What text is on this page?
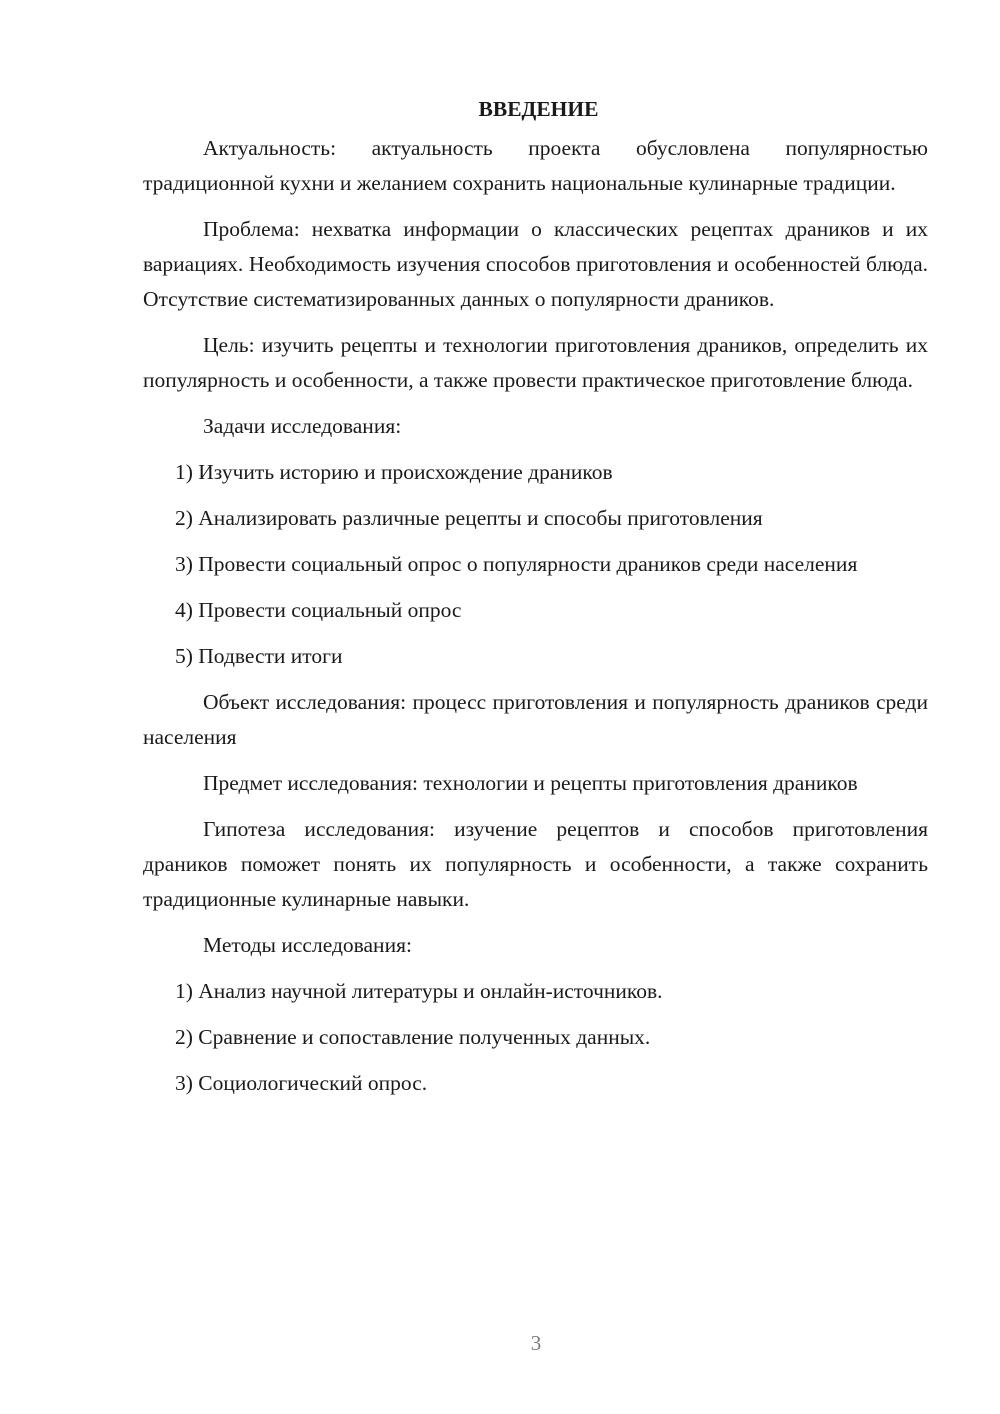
ВВЕДЕНИЕ

Актуальность: актуальность проекта обусловлена популярностью традиционной кухни и желанием сохранить национальные кулинарные традиции.

Проблема: нехватка информации о классических рецептах драников и их вариациях. Необходимость изучения способов приготовления и особенностей блюда. Отсутствие систематизированных данных о популярности драников.

Цель: изучить рецепты и технологии приготовления драников, определить их популярность и особенности, а также провести практическое приготовление блюда.

Задачи исследования:

1) Изучить историю и происхождение драников

2) Анализировать различные рецепты и способы приготовления

3) Провести социальный опрос о популярности драников среди населения

4) Провести социальный опрос

5) Подвести итоги

Объект исследования: процесс приготовления и популярность драников среди населения

Предмет исследования: технологии и рецепты приготовления драников

Гипотеза исследования: изучение рецептов и способов приготовления драников поможет понять их популярность и особенности, а также сохранить традиционные кулинарные навыки.

Методы исследования:

1) Анализ научной литературы и онлайн-источников.

2) Сравнение и сопоставление полученных данных.

3) Социологический опрос.

3
